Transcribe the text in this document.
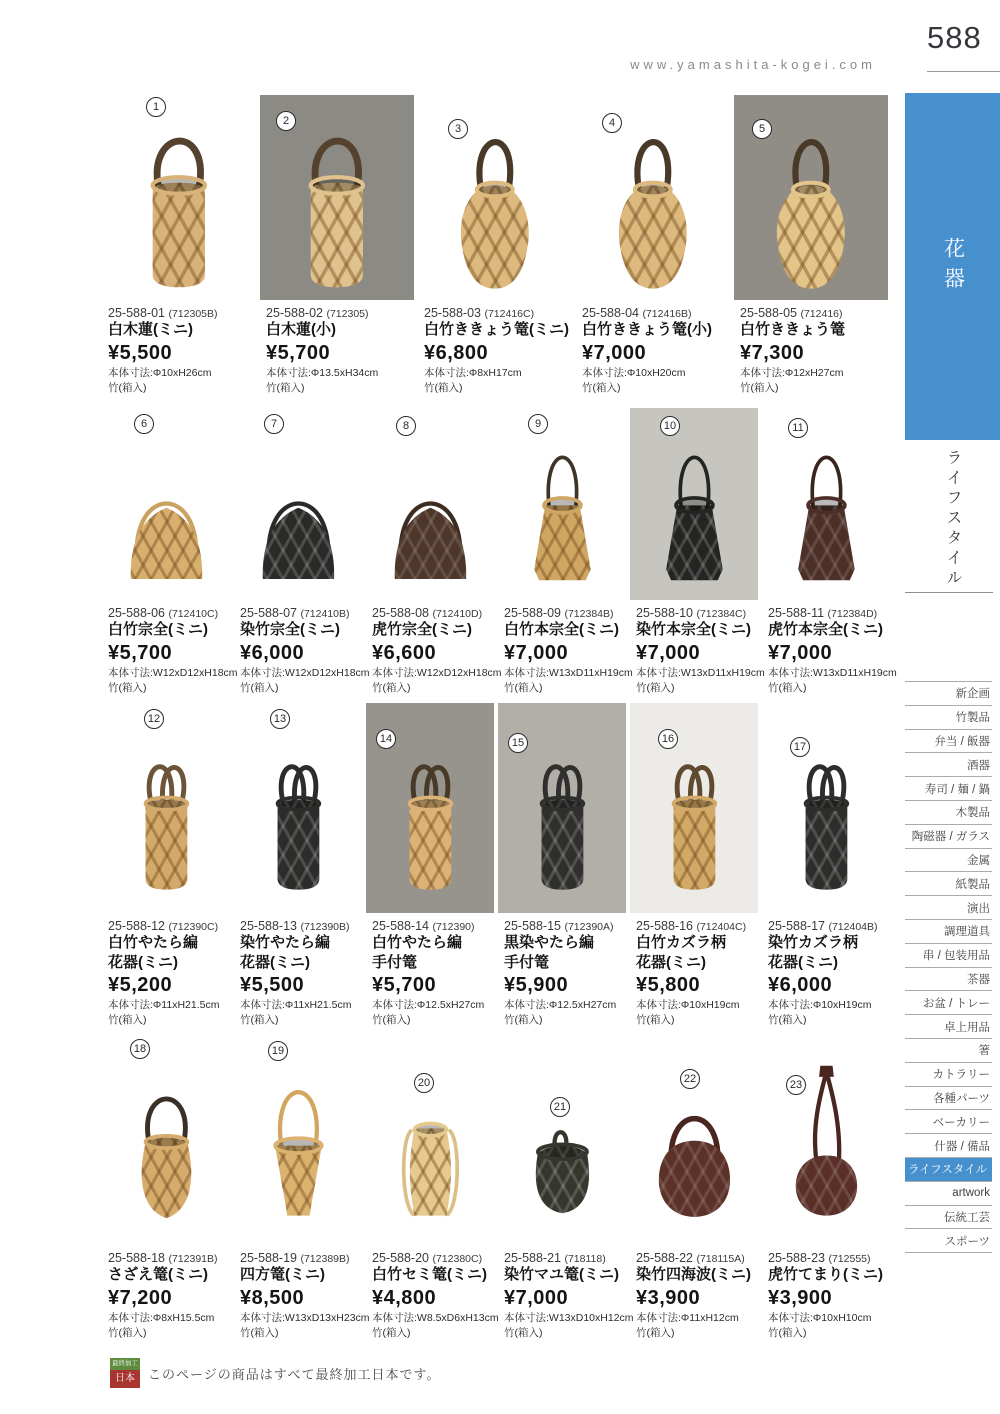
www.yamashita-kogei.com
588
花器
ライフスタイル
新企画
竹製品
弁当 / 飯器
酒器
寿司 / 麺 / 鍋
木製品
陶磁器 / ガラス
金属
紙製品
演出
調理道具
串 / 包装用品
茶器
お盆 / トレー
卓上用品
箸
カトラリー
各種パーツ
ベーカリー
什器 / 備品
ライフスタイル
artwork
伝統工芸
スポーツ
1
25-588-01 (712305B)
白木蓮(ミニ)
¥5,500
本体寸法:Φ10xH26cm
竹(箱入)
2
25-588-02 (712305)
白木蓮(小)
¥5,700
本体寸法:Φ13.5xH34cm
竹(箱入)
3
25-588-03 (712416C)
白竹ききょう篭(ミニ)
¥6,800
本体寸法:Φ8xH17cm
竹(箱入)
4
25-588-04 (712416B)
白竹ききょう篭(小)
¥7,000
本体寸法:Φ10xH20cm
竹(箱入)
5
25-588-05 (712416)
白竹ききょう篭
¥7,300
本体寸法:Φ12xH27cm
竹(箱入)
6
25-588-06 (712410C)
白竹宗全(ミニ)
¥5,700
本体寸法:W12xD12xH18cm
竹(箱入)
7
25-588-07 (712410B)
染竹宗全(ミニ)
¥6,000
本体寸法:W12xD12xH18cm
竹(箱入)
8
25-588-08 (712410D)
虎竹宗全(ミニ)
¥6,600
本体寸法:W12xD12xH18cm
竹(箱入)
9
25-588-09 (712384B)
白竹本宗全(ミニ)
¥7,000
本体寸法:W13xD11xH19cm
竹(箱入)
10
25-588-10 (712384C)
染竹本宗全(ミニ)
¥7,000
本体寸法:W13xD11xH19cm
竹(箱入)
11
25-588-11 (712384D)
虎竹本宗全(ミニ)
¥7,000
本体寸法:W13xD11xH19cm
竹(箱入)
12
25-588-12 (712390C)
白竹やたら編
花器(ミニ)
¥5,200
本体寸法:Φ11xH21.5cm
竹(箱入)
13
25-588-13 (712390B)
染竹やたら編
花器(ミニ)
¥5,500
本体寸法:Φ11xH21.5cm
竹(箱入)
14
25-588-14 (712390)
白竹やたら編
手付篭
¥5,700
本体寸法:Φ12.5xH27cm
竹(箱入)
15
25-588-15 (712390A)
黒染やたら編
手付篭
¥5,900
本体寸法:Φ12.5xH27cm
竹(箱入)
16
25-588-16 (712404C)
白竹カズラ柄
花器(ミニ)
¥5,800
本体寸法:Φ10xH19cm
竹(箱入)
17
25-588-17 (712404B)
染竹カズラ柄
花器(ミニ)
¥6,000
本体寸法:Φ10xH19cm
竹(箱入)
18
25-588-18 (712391B)
さざえ篭(ミニ)
¥7,200
本体寸法:Φ8xH15.5cm
竹(箱入)
19
25-588-19 (712389B)
四方篭(ミニ)
¥8,500
本体寸法:W13xD13xH23cm
竹(箱入)
20
25-588-20 (712380C)
白竹セミ篭(ミニ)
¥4,800
本体寸法:W8.5xD6xH13cm
竹(箱入)
21
25-588-21 (718118)
染竹マユ篭(ミニ)
¥7,000
本体寸法:W13xD10xH12cm
竹(箱入)
22
25-588-22 (718115A)
染竹四海波(ミニ)
¥3,900
本体寸法:Φ11xH12cm
竹(箱入)
23
25-588-23 (712555)
虎竹てまり(ミニ)
¥3,900
本体寸法:Φ10xH10cm
竹(箱入)
最終加工
日本	このページの商品はすべて最終加工日本です。
